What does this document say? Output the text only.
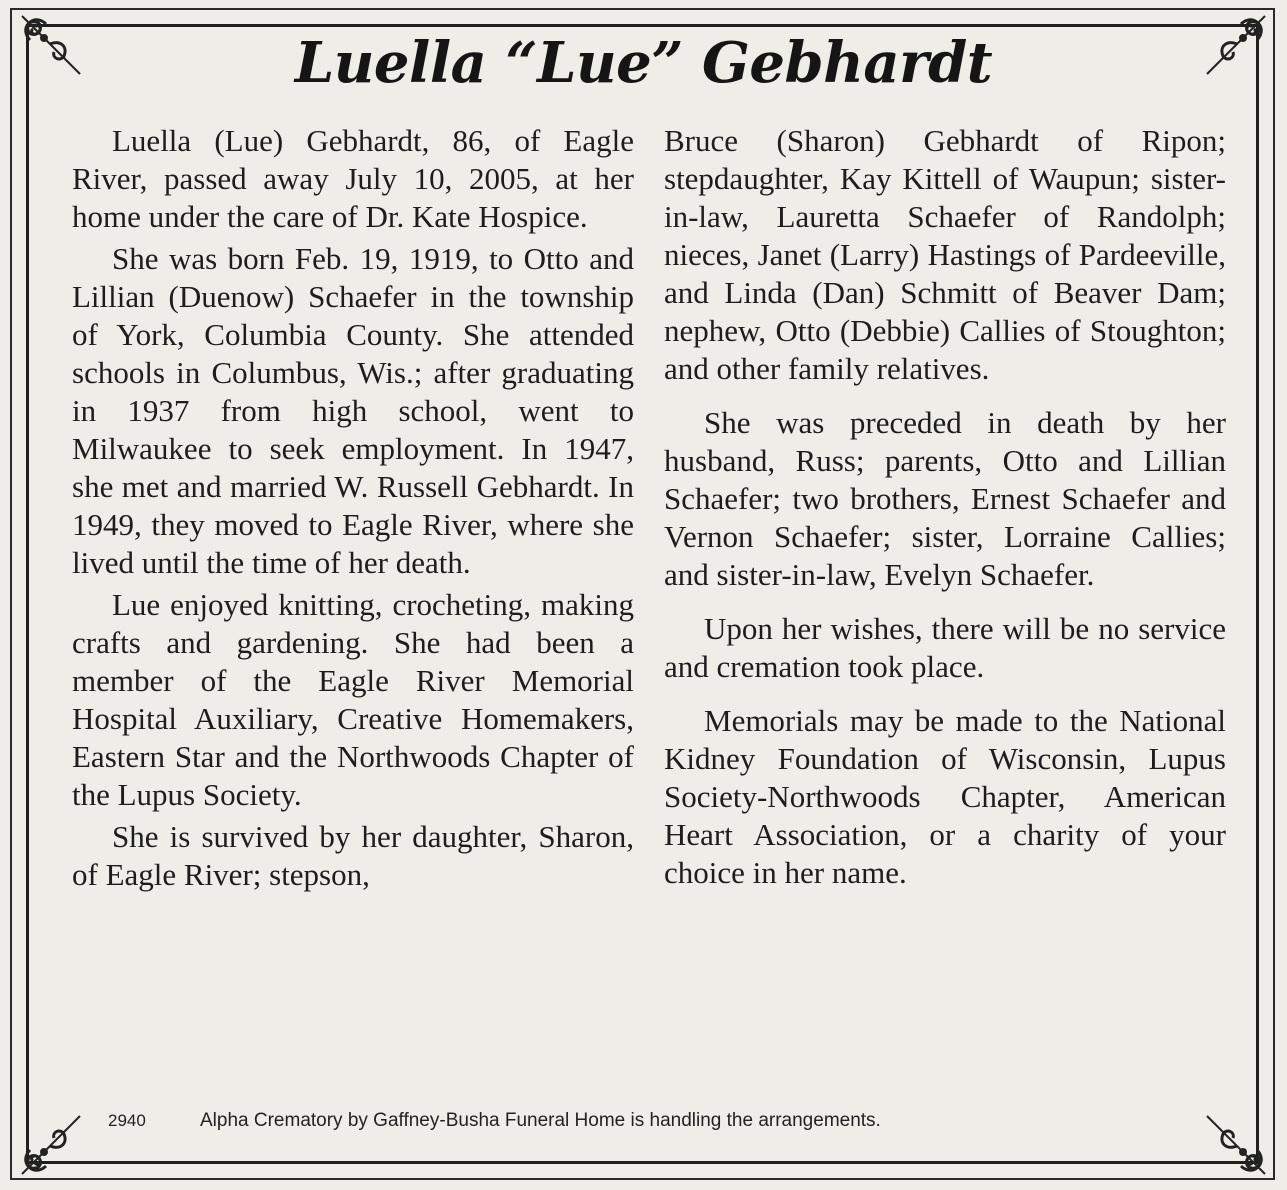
Luella “Lue” Gebhardt

Luella (Lue) Gebhardt, 86, of Eagle River, passed away July 10, 2005, at her home under the care of Dr. Kate Hospice.

She was born Feb. 19, 1919, to Otto and Lillian (Duenow) Schaefer in the township of York, Columbia County. She attended schools in Columbus, Wis.; after graduating in 1937 from high school, went to Milwaukee to seek employment. In 1947, she met and married W. Russell Gebhardt. In 1949, they moved to Eagle River, where she lived until the time of her death.

Lue enjoyed knitting, crocheting, making crafts and gardening. She had been a member of the Eagle River Memorial Hospital Auxiliary, Creative Homemakers, Eastern Star and the Northwoods Chapter of the Lupus Society.

She is survived by her daughter, Sharon, of Eagle River; stepson,

Bruce (Sharon) Gebhardt of Ripon; stepdaughter, Kay Kittell of Waupun; sister-in-law, Lauretta Schaefer of Randolph; nieces, Janet (Larry) Hastings of Pardeeville, and Linda (Dan) Schmitt of Beaver Dam; nephew, Otto (Debbie) Callies of Stoughton; and other family relatives.

She was preceded in death by her husband, Russ; parents, Otto and Lillian Schaefer; two brothers, Ernest Schaefer and Vernon Schaefer; sister, Lorraine Callies; and sister-in-law, Evelyn Schaefer.

Upon her wishes, there will be no service and cremation took place.

Memorials may be made to the National Kidney Foundation of Wisconsin, Lupus Society-Northwoods Chapter, American Heart Association, or a charity of your choice in her name.

2940	Alpha Crematory by Gaffney-Busha Funeral Home is handling the arrangements.
